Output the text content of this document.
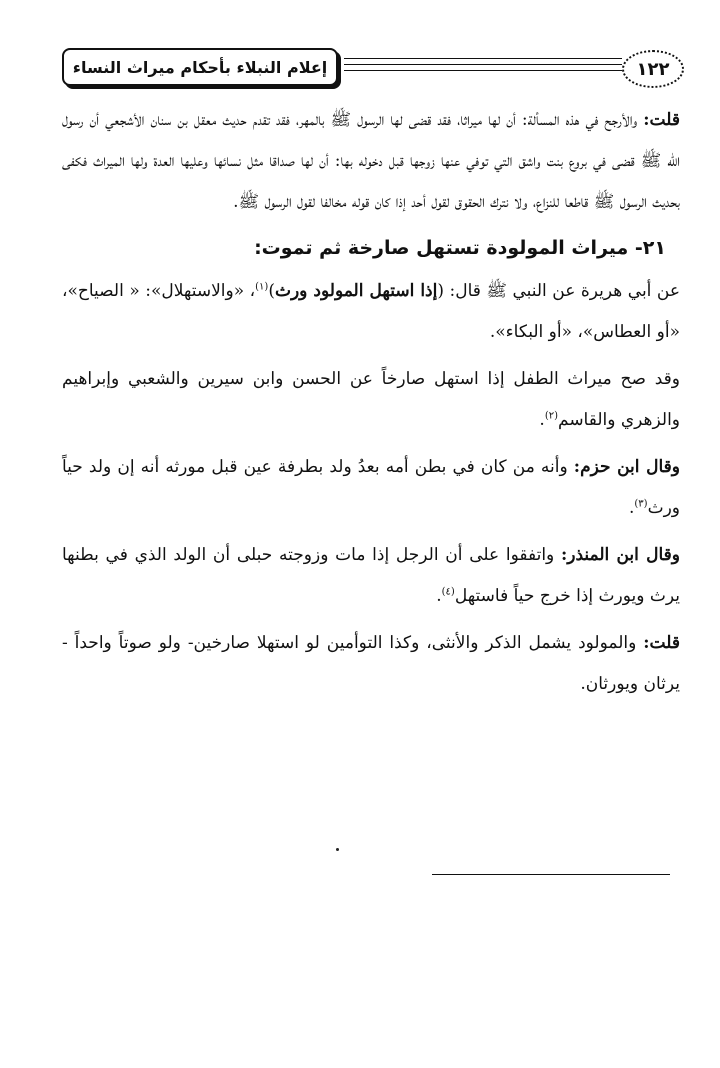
إعلام النبلاء بأحكام ميراث النساء	١٢٢

قلت: والأرجح في هذه المسألة: أن لها ميراثا، فقد قضى لها الرسول ﷺ بالمهر، فقد تقدم حديث معقل بن سنان الأشجعي أن رسول الله ﷺ قضى في بروع بنت واشق التي توفي عنها زوجها قبل دخوله بها: أن لها صداقا مثل نسائها وعليها العدة ولها الميراث فكفى بحديث الرسول ﷺ قاطعا للنزاع، ولا نترك الحقوق لقول أحد إذا كان قوله مخالفا لقول الرسول ﷺ.

٢١- ميراث المولودة تستهل صارخة ثم تموت:

عن أبي هريرة عن النبي ﷺ قال: (إذا استهل المولود ورث)$^{(١)}$، «والاستهلال»: « الصياح»، «أو العطاس»، «أو البكاء».

وقد صح ميراث الطفل إذا استهل صارخاً عن الحسن وابن سيرين والشعبي وإبراهيم والزهري والقاسم$^{(٢)}$.

وقال ابن حزم: وأنه من كان في بطن أمه بعدُ ولد بطرفة عين قبل مورثه أنه إن ولد حياً ورث$^{(٣)}$.

وقال ابن المنذر: واتفقوا على أن الرجل إذا مات وزوجته حبلى أن الولد الذي في بطنها يرث ويورث إذا خرج حياً فاستهل$^{(٤)}$.

قلت: والمولود يشمل الذكر والأنثى، وكذا التوأمين لو استهلا صارخين- ولو صوتاً واحداً - يرثان ويورثان.
